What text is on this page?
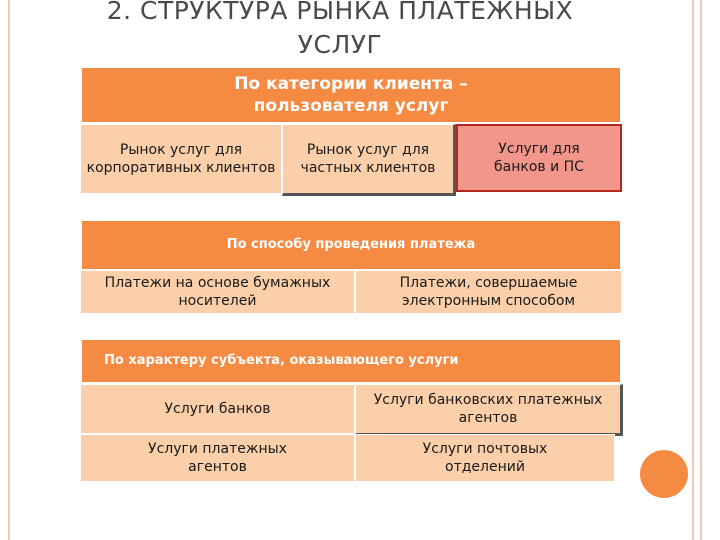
2. СТРУКТУРА РЫНКА ПЛАТЕЖНЫХ
УСЛУГ
По категории клиента – пользователя услуг
Рынок услуг для корпоративных клиентов
Рынок услуг для частных клиентов
Услуги для банков и ПС
По способу проведения платежа
Платежи на основе бумажных носителей
Платежи, совершаемые электронным способом
По характеру субъекта, оказывающего услуги
Услуги банков
Услуги банковских платежных агентов
Услуги платежных агентов
Услуги почтовых отделений
